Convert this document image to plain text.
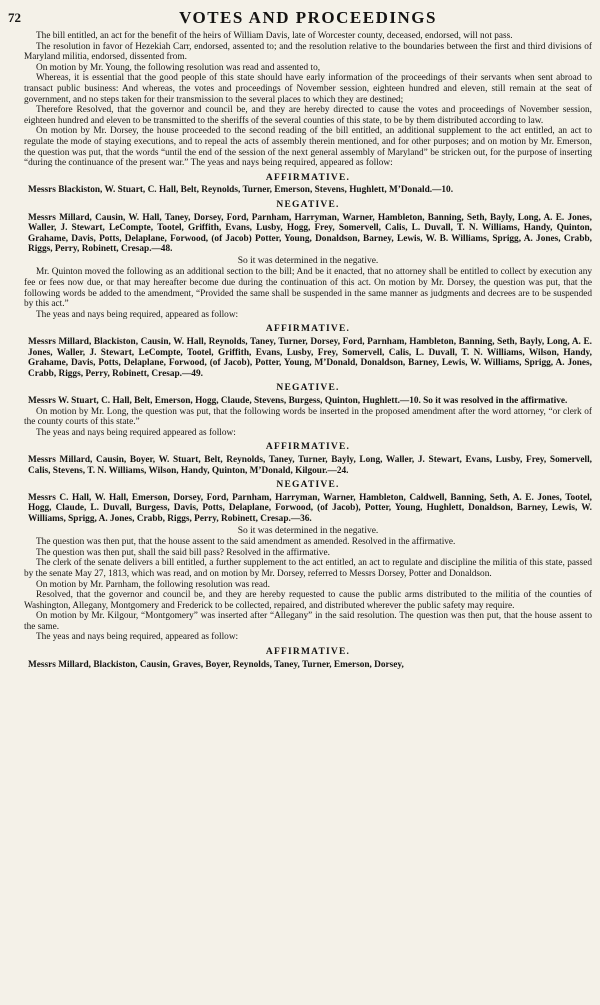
72	VOTES AND PROCEEDINGS

The bill entitled, an act for the benefit of the heirs of William Davis, late of Worcester county, deceased, endorsed, will not pass.

The resolution in favor of Hezekiah Carr, endorsed, assented to; and the resolution relative to the boundaries between the first and third divisions of Maryland militia, endorsed, dissented from.

On motion by Mr. Young, the following resolution was read and assented to,

Whereas, it is essential that the good people of this state should have early information of the proceedings of their servants when sent abroad to transact public business: And whereas, the votes and proceedings of November session, eighteen hundred and eleven, still remain at the seat of government, and no steps taken for their transmission to the several places to which they are destined;

Therefore Resolved, that the governor and council be, and they are hereby directed to cause the votes and proceedings of November session, eighteen hundred and eleven to be transmitted to the sheriffs of the several counties of this state, to be by them distributed according to law.

On motion by Mr. Dorsey, the house proceeded to the second reading of the bill entitled, an additional supplement to the act entitled, an act to regulate the mode of staying executions, and to repeal the acts of assembly therein mentioned, and for other purposes; and on motion by Mr. Emerson, the question was put, that the words “until the end of the session of the next general assembly of Maryland” be stricken out, for the purpose of inserting “during the continuance of the present war.” The yeas and nays being required, appeared as follow:

AFFIRMATIVE.

Messrs Blackiston, W. Stuart, C. Hall, Belt, Reynolds, Turner, Emerson, Stevens, Hughlett, M’Donald.—10.

NEGATIVE.

Messrs Millard, Causin, W. Hall, Taney, Dorsey, Ford, Parnham, Harryman, Warner, Hambleton, Banning, Seth, Bayly, Long, A. E. Jones, Waller, J. Stewart, LeCompte, Tootel, Griffith, Evans, Lusby, Hogg, Frey, Somervell, Calis, L. Duvall, T. N. Williams, Handy, Quinton, Grahame, Davis, Potts, Delaplane, Forwood, (of Jacob) Potter, Young, Donaldson, Barney, Lewis, W. B. Williams, Sprigg, A. Jones, Crabb, Riggs, Perry, Robinett, Cresap.—48.

So it was determined in the negative.

Mr. Quinton moved the following as an additional section to the bill; And be it enacted, that no attorney shall be entitled to collect by execution any fee or fees now due, or that may hereafter become due during the continuation of this act. On motion by Mr. Dorsey, the question was put, that the following words be added to the amendment, “Provided the same shall be suspended in the same manner as judgments and decrees are to be suspended by this act.”

The yeas and nays being required, appeared as follow:

AFFIRMATIVE.

Messrs Millard, Blackiston, Causin, W. Hall, Reynolds, Taney, Turner, Dorsey, Ford, Parnham, Hambleton, Banning, Seth, Bayly, Long, A. E. Jones, Waller, J. Stewart, LeCompte, Tootel, Griffith, Evans, Lusby, Frey, Somervell, Calis, L. Duvall, T. N. Williams, Wilson, Handy, Grahame, Davis, Potts, Delaplane, Forwood, (of Jacob), Potter, Young, M’Donald, Donaldson, Barney, Lewis, W. Williams, Sprigg, A. Jones, Crabb, Riggs, Perry, Robinett, Cresap.—49.

NEGATIVE.

Messrs W. Stuart, C. Hall, Belt, Emerson, Hogg, Claude, Stevens, Burgess, Quinton, Hughlett.—10. So it was resolved in the affirmative.

On motion by Mr. Long, the question was put, that the following words be inserted in the proposed amendment after the word attorney, “or clerk of the county courts of this state.”

The yeas and nays being required appeared as follow:

AFFIRMATIVE.

Messrs Millard, Causin, Boyer, W. Stuart, Belt, Reynolds, Taney, Turner, Bayly, Long, Waller, J. Stewart, Evans, Lusby, Frey, Somervell, Calis, Stevens, T. N. Williams, Wilson, Handy, Quinton, M’Donald, Kilgour.—24.

NEGATIVE.

Messrs C. Hall, W. Hall, Emerson, Dorsey, Ford, Parnham, Harryman, Warner, Hambleton, Caldwell, Banning, Seth, A. E. Jones, Tootel, Hogg, Claude, L. Duvall, Burgess, Davis, Potts, Delaplane, Forwood, (of Jacob), Potter, Young, Hughlett, Donaldson, Barney, Lewis, W. Williams, Sprigg, A. Jones, Crabb, Riggs, Perry, Robinett, Cresap.—36.

So it was determined in the negative.

The question was then put, that the house assent to the said amendment as amended. Resolved in the affirmative.

The question was then put, shall the said bill pass? Resolved in the affirmative.

The clerk of the senate delivers a bill entitled, a further supplement to the act entitled, an act to regulate and discipline the militia of this state, passed by the senate May 27, 1813, which was read, and on motion by Mr. Dorsey, referred to Messrs Dorsey, Potter and Donaldson.

On motion by Mr. Parnham, the following resolution was read.

Resolved, that the governor and council be, and they are hereby requested to cause the public arms distributed to the militia of the counties of Washington, Allegany, Montgomery and Frederick to be collected, repaired, and distributed wherever the public safety may require.

On motion by Mr. Kilgour, “Montgomery” was inserted after “Allegany” in the said resolution. The question was then put, that the house assent to the same.

The yeas and nays being required, appeared as follow:

AFFIRMATIVE.

Messrs Millard, Blackiston, Causin, Graves, Boyer, Reynolds, Taney, Turner, Emerson, Dorsey,
